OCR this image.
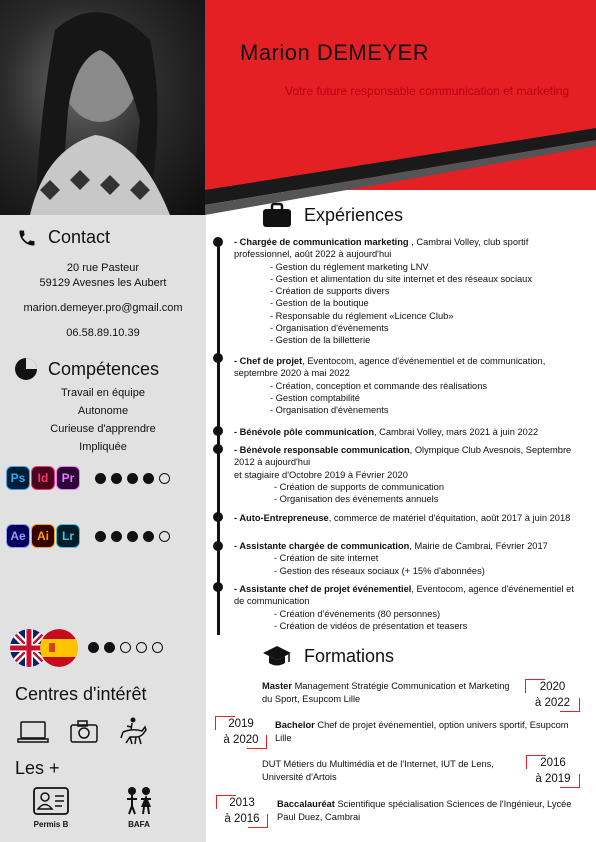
Marion DEMEYER
Votre future responsable communication et marketing
Contact
20 rue Pasteur
59129 Avesnes les Aubert
marion.demeyer.pro@gmail.com
06.58.89.10.39
Compétences
Travail en équipe
Autonome
Curieuse d'apprendre
Impliquée
Ps	Id	Pr
Ae Ai	Lr
Centres d'intérêt
Les +
Permis B	BAFA
Expériences
- Chargée de communication marketing , Cambrai Volley, club sportif professionnel, août 2022 à aujourd'hui
- Gestion du réglement marketing LNV
- Gestion et alimentation du site internet et des réseaux sociaux
- Création de supports divers
- Gestion de la boutique
- Responsable du réglement «Licence Club»
- Organisation d'évènements
- Gestion de la billetterie
- Chef de projet, Eventocom, agence d'événementiel et de communication, septembre 2020 à mai 2022
- Création, conception et commande des réalisations
- Gestion comptabilité
- Organisation d'évènements
- Bénévole pôle communication, Cambrai Volley, mars 2021 à juin 2022
- Bénévole responsable communication, Olympique Club Avesnois, Septembre 2012 à aujourd'hui
et stagiaire d'Octobre 2019 à Février 2020
- Création de supports de communication
- Organisation des événements annuels
- Auto-Entrepreneuse, commerce de matériel d'équitation, août 2017 à juin 2018
- Assistante chargée de communication, Mairie de Cambrai, Février 2017
- Création de site internet
- Gestion des réseaux sociaux (+ 15% d'abonnées)
- Assistante chef de projet événementiel, Eventocom, agence d'événementiel et de communication
- Création d'événements (80 personnes)
- Création de vidéos de présentation et teasers
Formations
Master Management Stratégie Communication et Marketing du Sport, Esupcom Lille
2020
à 2022
Bachelor Chef de projet événementiel, option univers sportif, Esupcom Lille
2019
à 2020
DUT Métiers du Multimédia et de l'Internet, IUT de Lens, Université d'Artois
2016
à 2019
Baccalauréat Scientifique spécialisation Sciences de l'Ingénieur, Lycée Paul Duez, Cambrai
2013
à 2016
